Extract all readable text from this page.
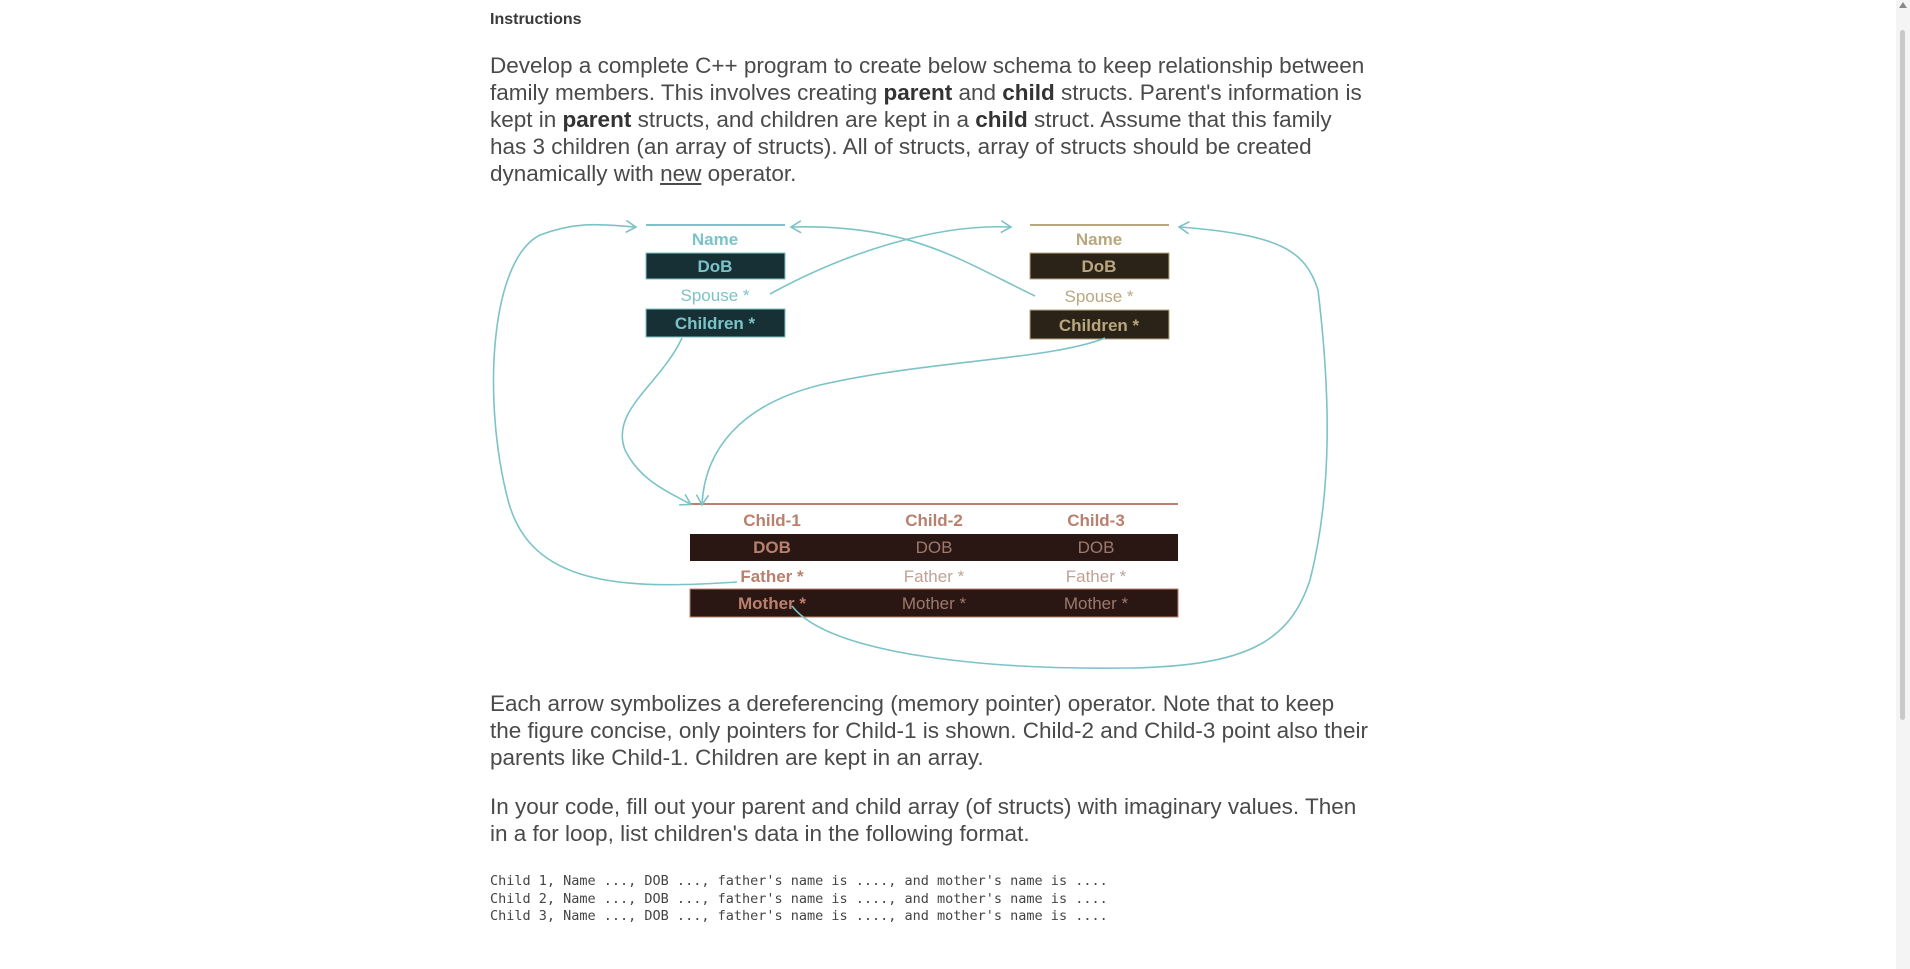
Instructions

Develop a complete C++ program to create below schema to keep relationship between family members. This involves creating parent and child structs. Parent's information is kept in parent structs, and children are kept in a child struct. Assume that this family has 3 children (an array of structs). All of structs, array of structs should be created dynamically with new operator.

Each arrow symbolizes a dereferencing (memory pointer) operator. Note that to keep the figure concise, only pointers for Child-1 is shown. Child-2 and Child-3 point also their parents like Child-1. Children are kept in an array.

In your code, fill out your parent and child array (of structs) with imaginary values. Then in a for loop, list children's data in the following format.

Child 1, Name ..., DOB ..., father's name is ...., and mother's name is ....
Child 2, Name ..., DOB ..., father's name is ...., and mother's name is ....
Child 3, Name ..., DOB ..., father's name is ...., and mother's name is ....
Name
DoB
Spouse *
Children *
Name
DoB
Spouse *
Children *
Child-1	Child-2	Child-3
DOB	DOB	DOB
Father *	Father *	Father *
Mother *	Mother *	Mother *
